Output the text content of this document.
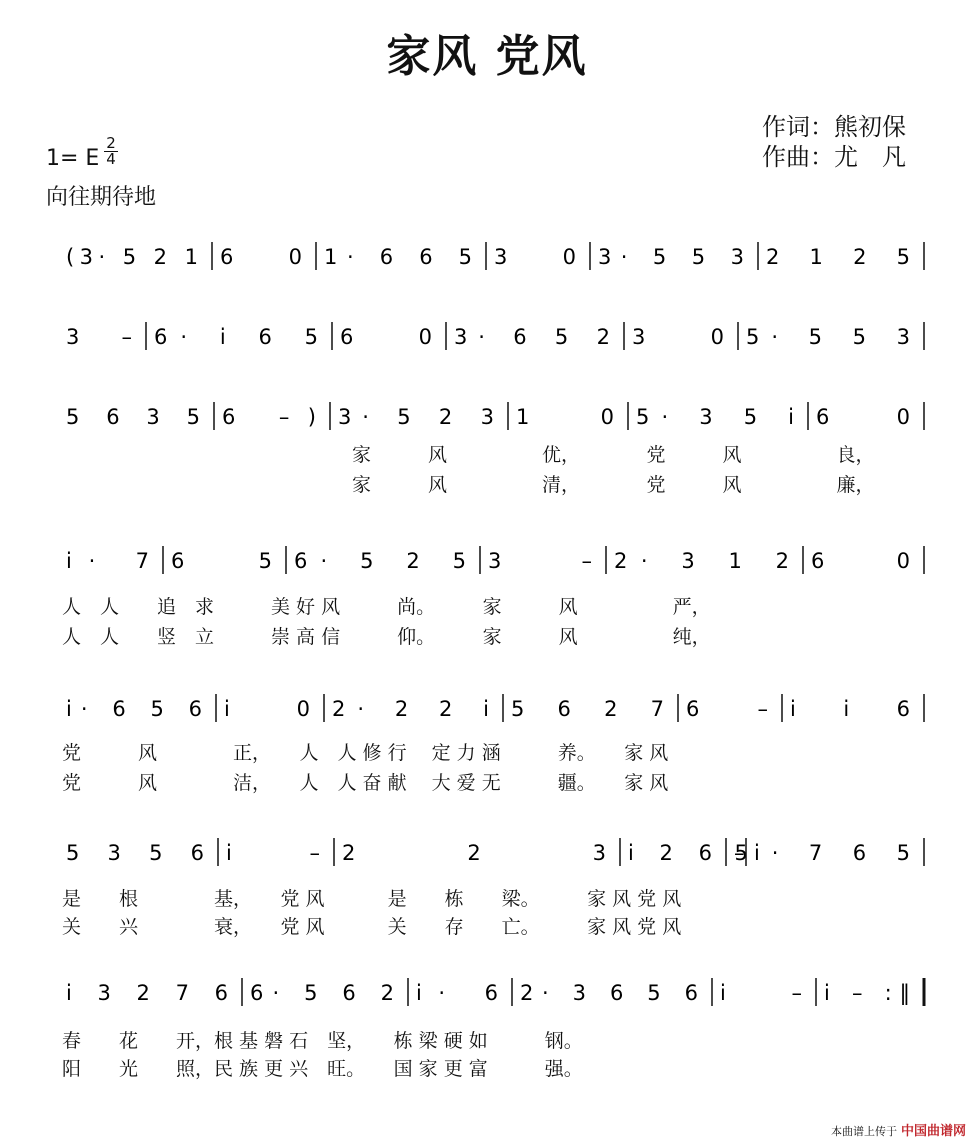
家风 党风
作词：熊初保
作曲：尤　凡
1= E $\frac{2}{4}$
向往期待地
(3· 5 2 1 6 0 1· 6 6 5 3 0 3· 5 5 3 2 1 2 5
3 – 6· i 6 5 6 0 3· 6 5 2 3 0 5· 5 5 3
5 6 3 5 6 –) 3· 5 2 3 1 0 5· 3 5 i 6 0
家　　　风　　　　　优，　　　　党　　　风　　　　　良，
家　　　风　　　　　清，　　　　党　　　风　　　　　廉，
i· 7 6 5 6· 5 2 5 3 – 2· 3 1 2 6 0
人　人　　追　求　　　美 好 风　　　尚。　　　家　　　风　　　　　严，
人　人　　竖　立　　　崇 高 信　　　仰。　　　家　　　风　　　　　纯，
i· 6 5 6 i 0 2· 2 2 i 5 6 2 7 6 – i i 6
党　　　风　　　　正，　　人　人 修 行　 定 力 涵　　　养。　　家 风
党　　　风　　　　洁，　　人　人 奋 献　 大 爱 无　　　疆。　　家 风
5 3 5 6 i – 2 2 3 i 2 6 5 – i· 7 6 5
是　　根　　　　基，　　党 风　　　 是　　栋　　梁。　　　家 风 党 风
关　　兴　　　　衰，　　党 风　　　 关　　存　　亡。　　　家 风 党 风
i 3 2 7 6 6· 5 6 2 i· 6 2· 3 6 5 6 i – i – :‖
春　　花　　开，根 基 磐 石　坚，　　栋 梁 硬 如　　　钢。
阳　　光　　照，民 族 更 兴　旺。　　国 家 更 富　　　强。
本曲谱上传于 中国曲谱网
